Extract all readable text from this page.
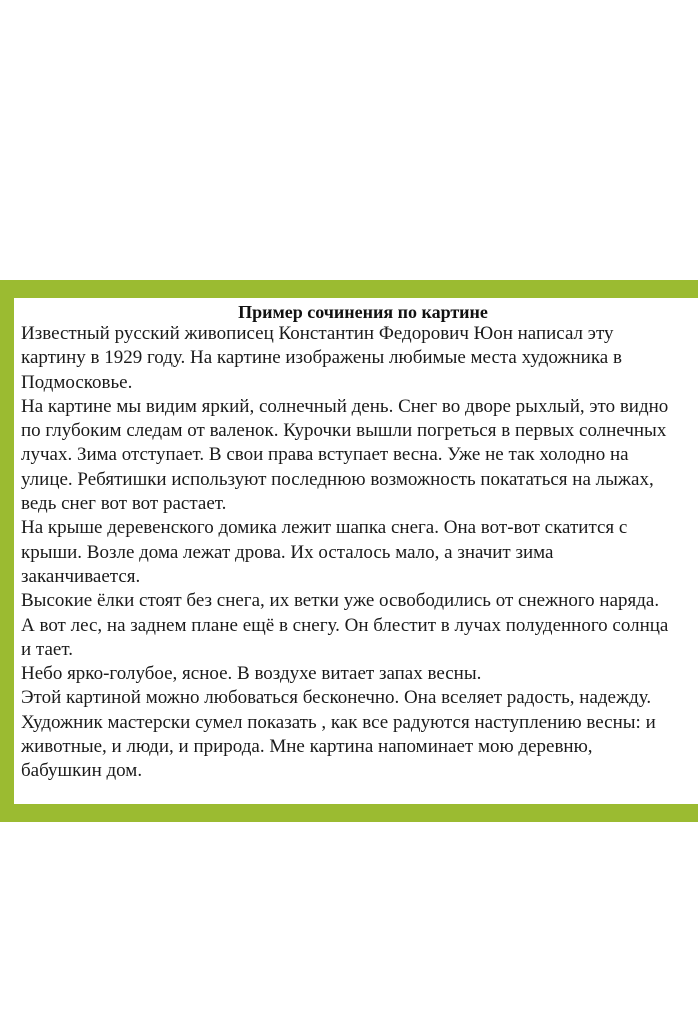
Пример сочинения по картине
Известный русский живописец Константин Федорович Юон написал эту
картину в 1929 году. На картине изображены любимые места художника в
Подмосковье.
На картине мы видим яркий, солнечный день. Снег во дворе рыхлый, это видно
по глубоким следам от валенок. Курочки вышли погреться в первых солнечных
лучах. Зима отступает. В свои права вступает весна. Уже не так холодно на
улице. Ребятишки используют последнюю возможность покататься на лыжах,
ведь снег вот вот растает.
На крыше деревенского домика лежит шапка снега. Она вот-вот скатится с
крыши. Возле дома лежат дрова. Их осталось мало, а значит зима
заканчивается.
Высокие ёлки стоят без снега, их ветки уже освободились от снежного наряда.
А вот лес, на заднем плане ещё в снегу. Он блестит в лучах полуденного солнца
и тает.
Небо ярко-голубое, ясное. В воздухе витает запах весны.
Этой картиной можно любоваться бесконечно. Она вселяет радость, надежду.
Художник мастерски сумел показать , как все радуются наступлению весны: и
животные, и люди, и природа. Мне картина напоминает мою деревню,
бабушкин дом.
